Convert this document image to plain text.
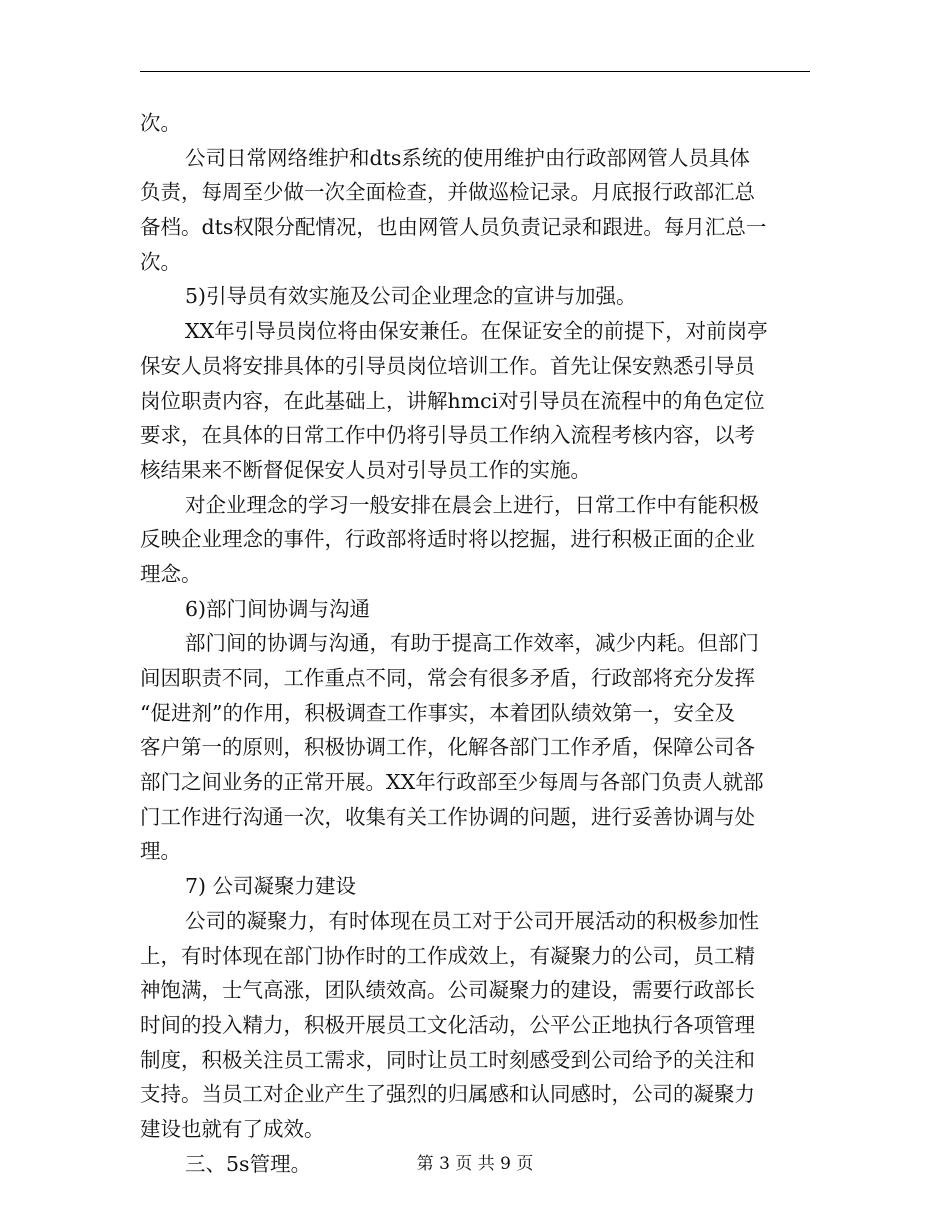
次。
公司日常网络维护和dts系统的使用维护由行政部网管人员具体
负责，每周至少做一次全面检查，并做巡检记录。月底报行政部汇总
备档。dts权限分配情况，也由网管人员负责记录和跟进。每月汇总一
次。
5)引导员有效实施及公司企业理念的宣讲与加强。
XX年引导员岗位将由保安兼任。在保证安全的前提下，对前岗亭
保安人员将安排具体的引导员岗位培训工作。首先让保安熟悉引导员
岗位职责内容，在此基础上，讲解hmci对引导员在流程中的角色定位
要求，在具体的日常工作中仍将引导员工作纳入流程考核内容，以考
核结果来不断督促保安人员对引导员工作的实施。
对企业理念的学习一般安排在晨会上进行，日常工作中有能积极
反映企业理念的事件，行政部将适时将以挖掘，进行积极正面的企业
理念。
6)部门间协调与沟通
部门间的协调与沟通，有助于提高工作效率，减少内耗。但部门
间因职责不同，工作重点不同，常会有很多矛盾，行政部将充分发挥
“促进剂”的作用，积极调查工作事实，本着团队绩效第一，安全及
客户第一的原则，积极协调工作，化解各部门工作矛盾，保障公司各
部门之间业务的正常开展。XX年行政部至少每周与各部门负责人就部
门工作进行沟通一次，收集有关工作协调的问题，进行妥善协调与处
理。
7) 公司凝聚力建设
公司的凝聚力，有时体现在员工对于公司开展活动的积极参加性
上，有时体现在部门协作时的工作成效上，有凝聚力的公司，员工精
神饱满，士气高涨，团队绩效高。公司凝聚力的建设，需要行政部长
时间的投入精力，积极开展员工文化活动，公平公正地执行各项管理
制度，积极关注员工需求，同时让员工时刻感受到公司给予的关注和
支持。当员工对企业产生了强烈的归属感和认同感时，公司的凝聚力
建设也就有了成效。
三、5s管理。	第 3 页 共 9 页
